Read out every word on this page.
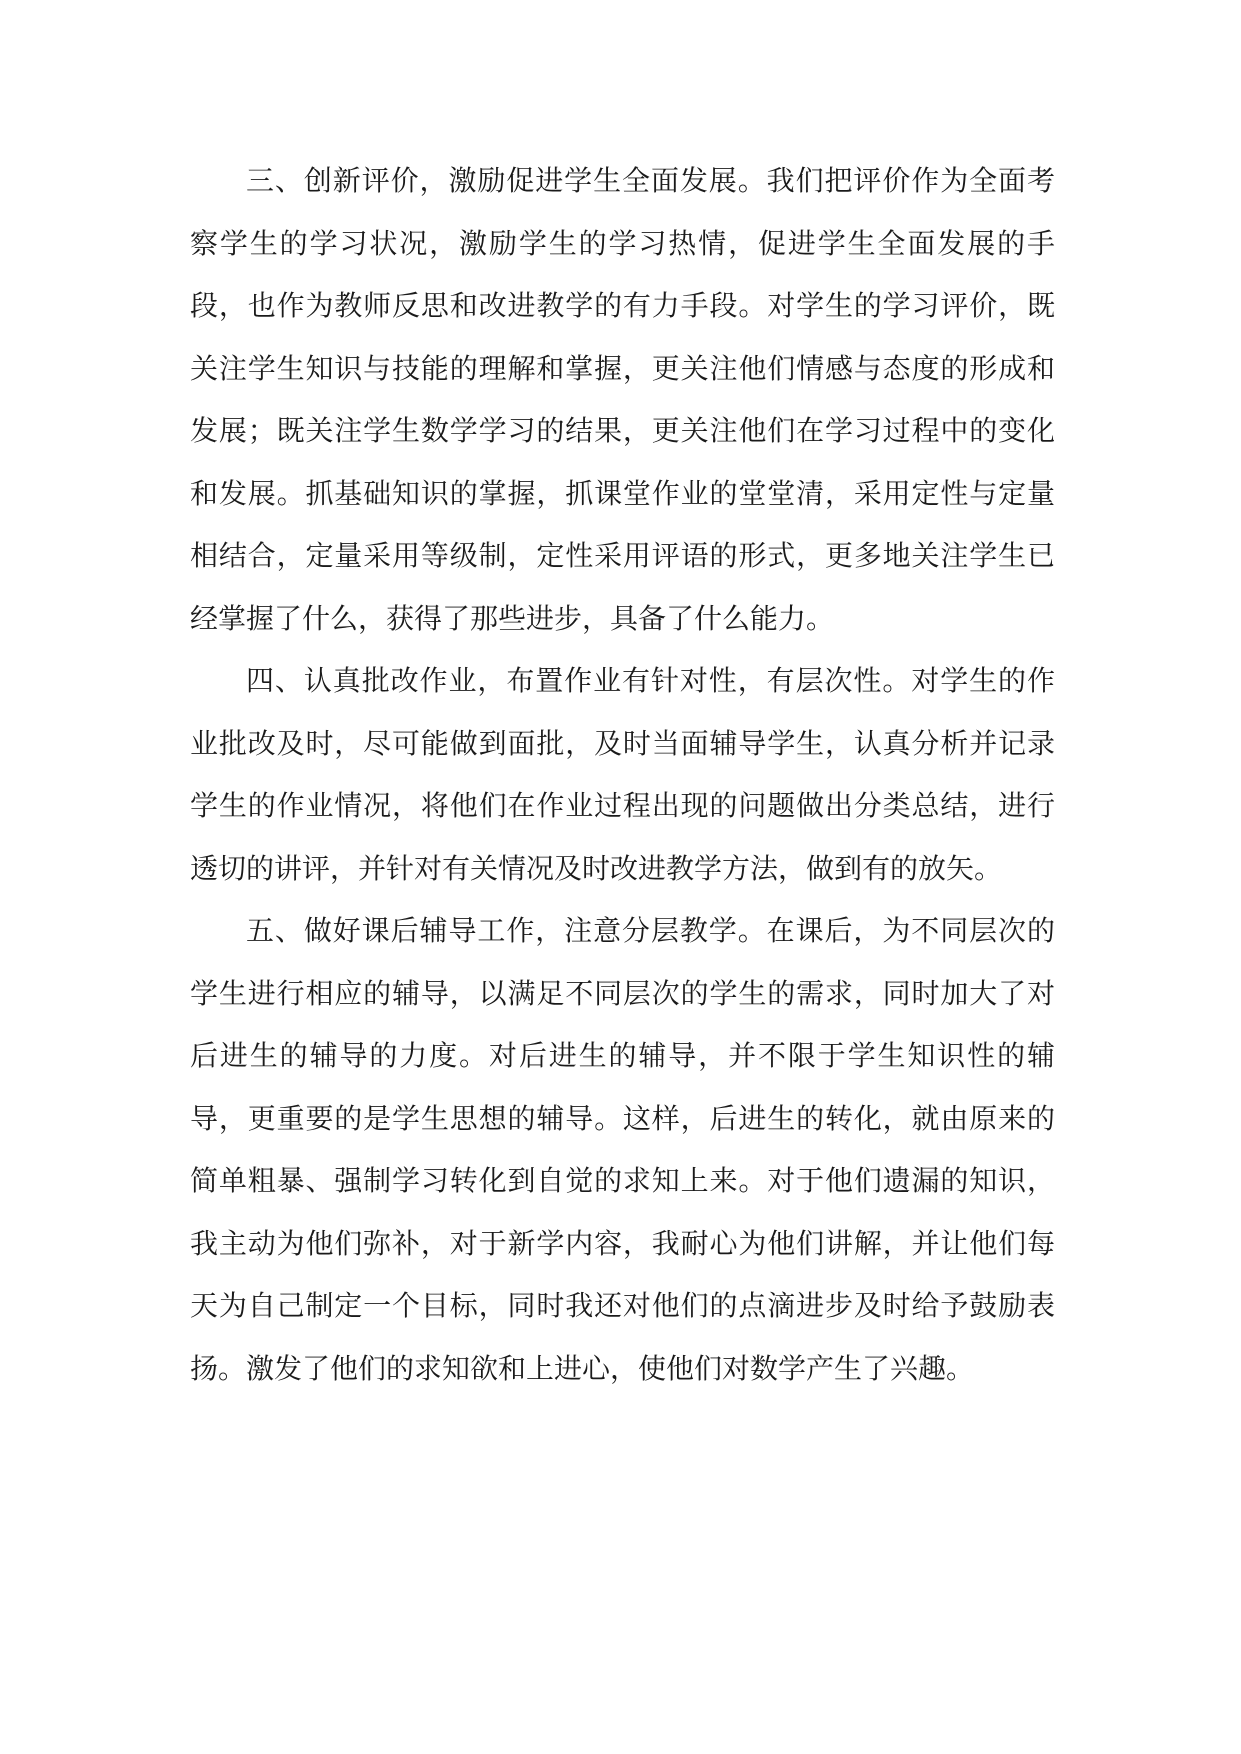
三、创新评价，激励促进学生全面发展。我们把评价作为全面考察学生的学习状况，激励学生的学习热情，促进学生全面发展的手段，也作为教师反思和改进教学的有力手段。对学生的学习评价，既关注学生知识与技能的理解和掌握，更关注他们情感与态度的形成和发展；既关注学生数学学习的结果，更关注他们在学习过程中的变化和发展。抓基础知识的掌握，抓课堂作业的堂堂清，采用定性与定量相结合，定量采用等级制，定性采用评语的形式，更多地关注学生已经掌握了什么，获得了那些进步，具备了什么能力。

四、认真批改作业，布置作业有针对性，有层次性。对学生的作业批改及时，尽可能做到面批，及时当面辅导学生，认真分析并记录学生的作业情况，将他们在作业过程出现的问题做出分类总结，进行透切的讲评，并针对有关情况及时改进教学方法，做到有的放矢。

五、做好课后辅导工作，注意分层教学。在课后，为不同层次的学生进行相应的辅导，以满足不同层次的学生的需求，同时加大了对后进生的辅导的力度。对后进生的辅导，并不限于学生知识性的辅导，更重要的是学生思想的辅导。这样，后进生的转化，就由原来的简单粗暴、强制学习转化到自觉的求知上来。对于他们遗漏的知识，我主动为他们弥补，对于新学内容，我耐心为他们讲解，并让他们每天为自己制定一个目标，同时我还对他们的点滴进步及时给予鼓励表扬。激发了他们的求知欲和上进心，使他们对数学产生了兴趣。
